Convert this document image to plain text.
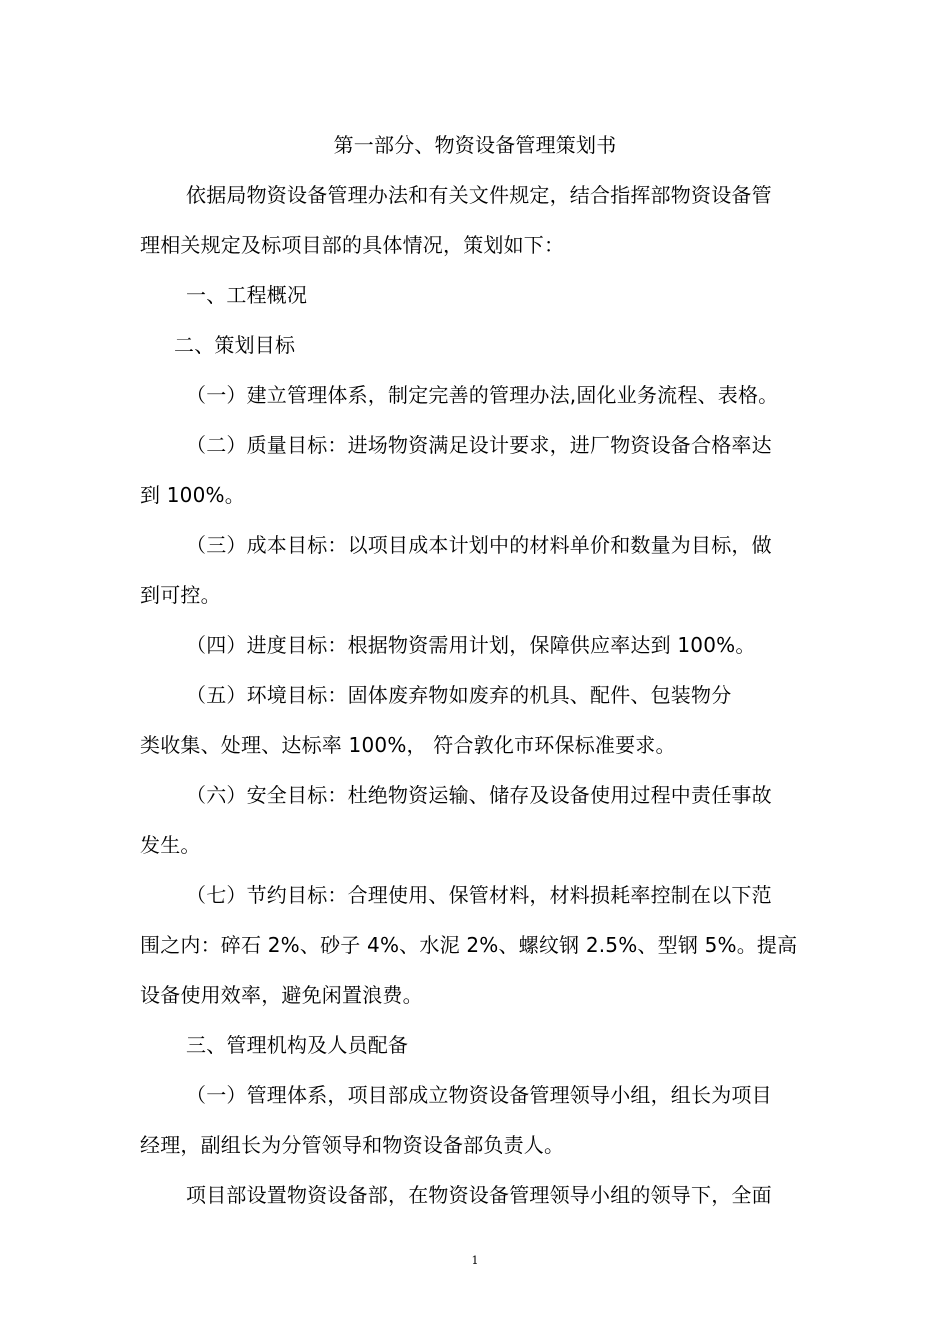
第一部分、物资设备管理策划书
依据局物资设备管理办法和有关文件规定，结合指挥部物资设备管
理相关规定及标项目部的具体情况，策划如下：
一、工程概况
二、策划目标
（一）建立管理体系，制定完善的管理办法,固化业务流程、表格。
（二）质量目标：进场物资满足设计要求，进厂物资设备合格率达
到 100%。
（三）成本目标：以项目成本计划中的材料单价和数量为目标，做
到可控。
（四）进度目标：根据物资需用计划，保障供应率达到 100%。
（五）环境目标：固体废弃物如废弃的机具、配件、包装物分
类收集、处理、达标率 100%， 符合敦化市环保标准要求。
（六）安全目标：杜绝物资运输、储存及设备使用过程中责任事故
发生。
（七）节约目标：合理使用、保管材料，材料损耗率控制在以下范
围之内：碎石 2%、砂子 4%、水泥 2%、螺纹钢 2.5%、型钢 5%。提高
设备使用效率，避免闲置浪费。
三、管理机构及人员配备
（一）管理体系，项目部成立物资设备管理领导小组，组长为项目
经理，副组长为分管领导和物资设备部负责人。
项目部设置物资设备部，在物资设备管理领导小组的领导下，全面
1
